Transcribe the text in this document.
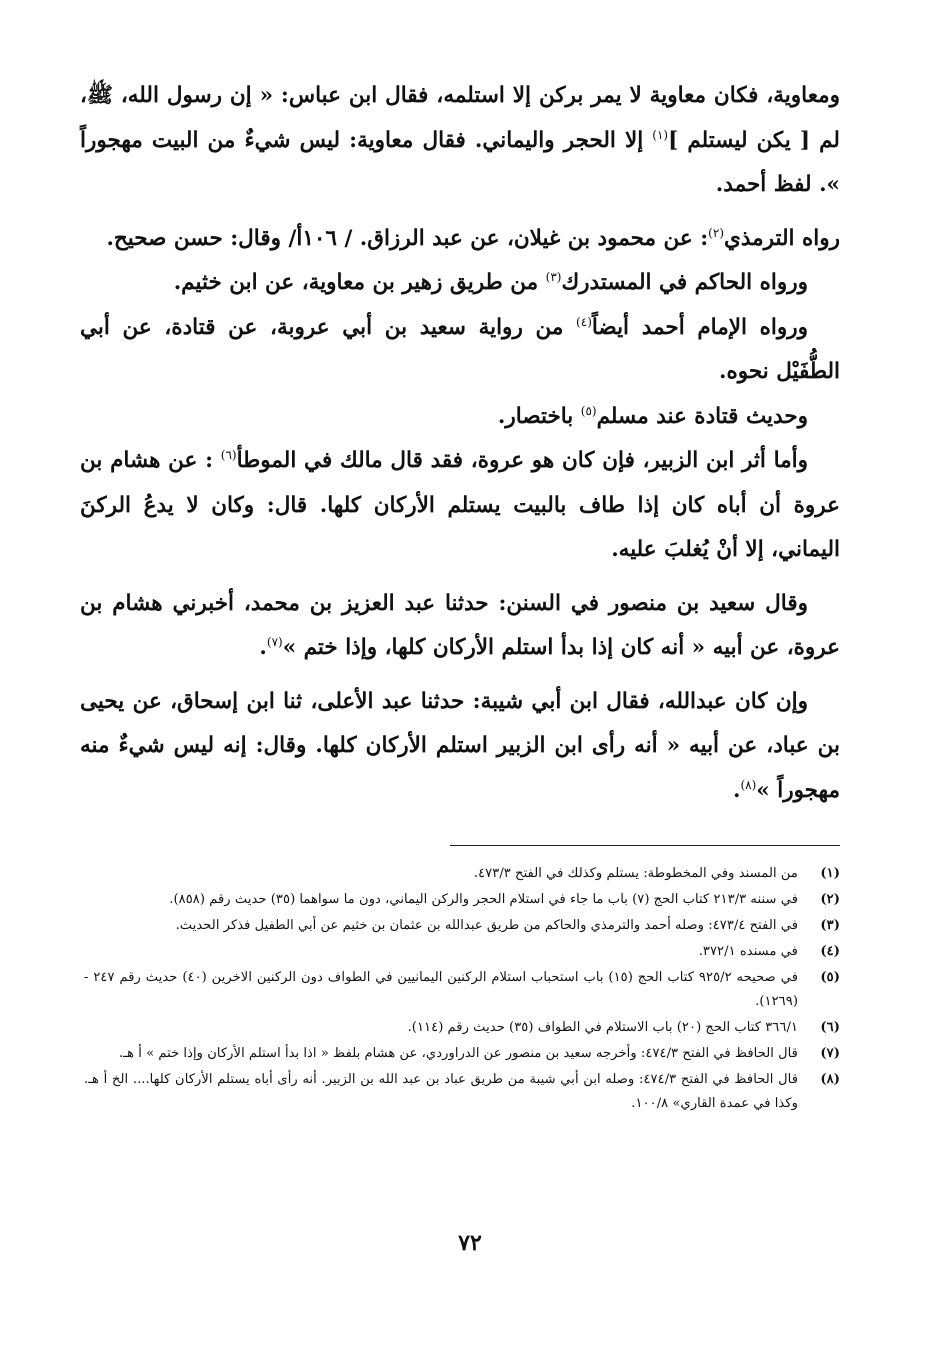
ومعاوية، فكان معاوية لا يمر بركن إلا استلمه، فقال ابن عباس: « إن رسول الله، ﷺ، لم [ يكن ليستلم ]$^{(١)}$ إلا الحجر واليماني. فقال معاوية: ليس شيءٌ من البيت مهجوراً ». لفظ أحمد.

رواه الترمذي$^{(٢)}$: عن محمود بن غيلان، عن عبد الرزاق. / ١٠٦أ/ وقال: حسن صحيح.

ورواه الحاكم في المستدرك$^{(٣)}$ من طريق زهير بن معاوية، عن ابن خثيم.

ورواه الإمام أحمد أيضاً$^{(٤)}$ من رواية سعيد بن أبي عروبة، عن قتادة، عن أبي الطُّفَيْل نحوه.

وحديث قتادة عند مسلم$^{(٥)}$ باختصار.

وأما أثر ابن الزبير، فإن كان هو عروة، فقد قال مالك في الموطأ$^{(٦)}$ : عن هشام بن عروة أن أباه كان إذا طاف بالبيت يستلم الأركان كلها. قال: وكان لا يدعُ الركنَ اليماني، إلا أنْ يُغلبَ عليه.

وقال سعيد بن منصور في السنن: حدثنا عبد العزيز بن محمد، أخبرني هشام بن عروة، عن أبيه « أنه كان إذا بدأ استلم الأركان كلها، وإذا ختم »$^{(٧)}$.

وإن كان عبدالله، فقال ابن أبي شيبة: حدثنا عبد الأعلى، ثنا ابن إسحاق، عن يحيى بن عباد، عن أبيه « أنه رأى ابن الزبير استلم الأركان كلها. وقال: إنه ليس شيءٌ منه مهجوراً »$^{(٨)}$.

(١)
من المسند وفي المخطوطة: يستلم وكذلك في الفتح ٤٧٣/٣.
(٢)
في سننه ٢١٣/٣ كتاب الحج (٧) باب ما جاء في استلام الحجر والركن اليماني، دون ما سواهما (٣٥) حديث رقم (٨٥٨).
(٣)
في الفتح ٤٧٣/٤: وصله أحمد والترمذي والحاكم من طريق عبدالله بن عثمان بن خثيم عن أبي الطفيل فذكر الحديث.
(٤)
في مسنده ٣٧٢/١.
(٥)
في صحيحه ٩٢٥/٢ كتاب الحج (١٥) باب استحباب استلام الركنين اليمانيين في الطواف دون الركنين الاخرين (٤٠) حديث رقم ٢٤٧ - (١٢٦٩).
(٦)
٣٦٦/١ كتاب الحج (٢٠) باب الاستلام في الطواف (٣٥) حديث رقم (١١٤).
(٧)
قال الحافظ في الفتح ٤٧٤/٣: وأخرجه سعيد بن منصور عن الدراوردي، عن هشام بلفظ « اذا بدأ استلم الأركان وإذا ختم » أ هـ.
(٨)
قال الحافظ في الفتح ٤٧٤/٣: وصله ابن أبي شيبة من طريق عباد بن عبد الله بن الزبير. أنه رأى أباه يستلم الأركان كلها.... الخ أ هـ. وكذا في عمدة القاري» ١٠٠/٨.
٧٢
